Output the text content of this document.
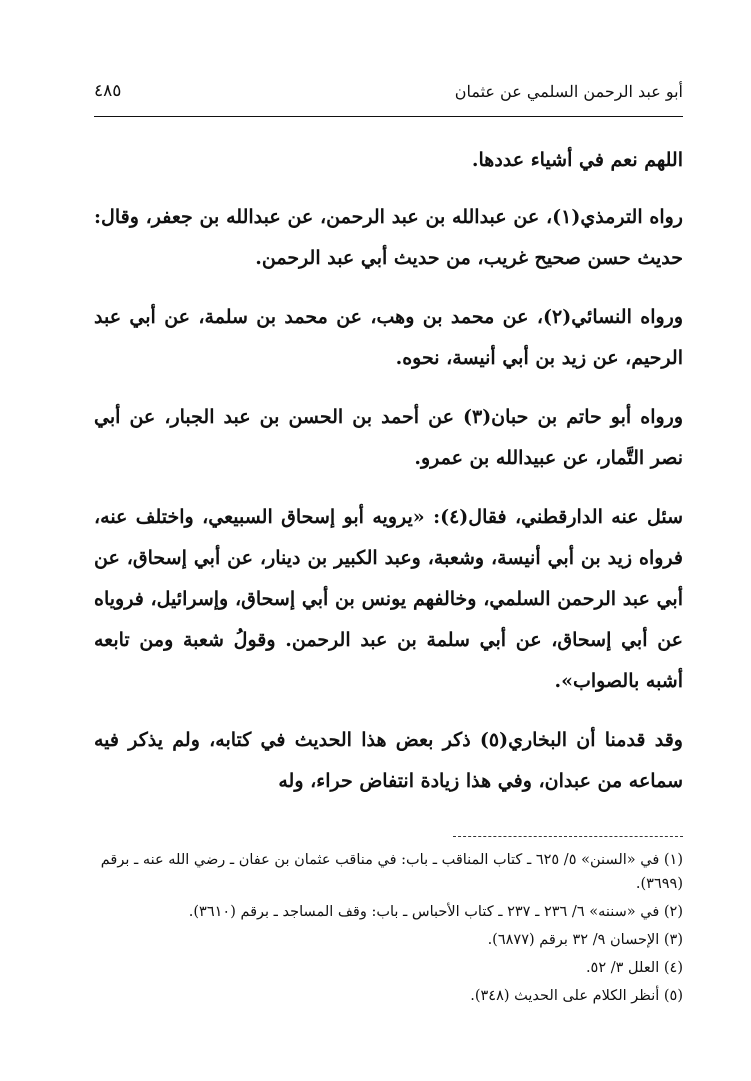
أبو عبد الرحمن السلمي عن عثمان
٤٨٥

اللهم نعم في أشياء عددها.

رواه الترمذي(١)، عن عبدالله بن عبد الرحمن، عن عبدالله بن جعفر، وقال: حديث حسن صحيح غريب، من حديث أبي عبد الرحمن.

ورواه النسائي(٢)، عن محمد بن وهب، عن محمد بن سلمة، عن أبي عبد الرحيم، عن زيد بن أبي أنيسة، نحوه.

ورواه أبو حاتم بن حبان(٣) عن أحمد بن الحسن بن عبد الجبار، عن أبي نصر التَّمار، عن عبيدالله بن عمرو.

سئل عنه الدارقطني، فقال(٤): «يرويه أبو إسحاق السبيعي، واختلف عنه، فرواه زيد بن أبي أنيسة، وشعبة، وعبد الكبير بن دينار، عن أبي إسحاق، عن أبي عبد الرحمن السلمي، وخالفهم يونس بن أبي إسحاق، وإسرائيل، فروياه عن أبي إسحاق، عن أبي سلمة بن عبد الرحمن. وقولُ شعبة ومن تابعه أشبه بالصواب».

وقد قدمنا أن البخاري(٥) ذكر بعض هذا الحديث في كتابه، ولم يذكر فيه سماعه من عبدان، وفي هذا زيادة انتفاض حراء، وله

(١) في «السنن» ٥/ ٦٢٥ ـ كتاب المناقب ـ باب: في مناقب عثمان بن عفان ـ رضي الله عنه ـ برقم (٣٦٩٩).

(٢) في «سننه» ٦/ ٢٣٦ ـ ٢٣٧ ـ كتاب الأحباس ـ باب: وقف المساجد ـ برقم (٣٦١٠).

(٣) الإحسان ٩/ ٣٢ برقم (٦٨٧٧).

(٤) العلل ٣/ ٥٢.

(٥) أنظر الكلام على الحديث (٣٤٨).
